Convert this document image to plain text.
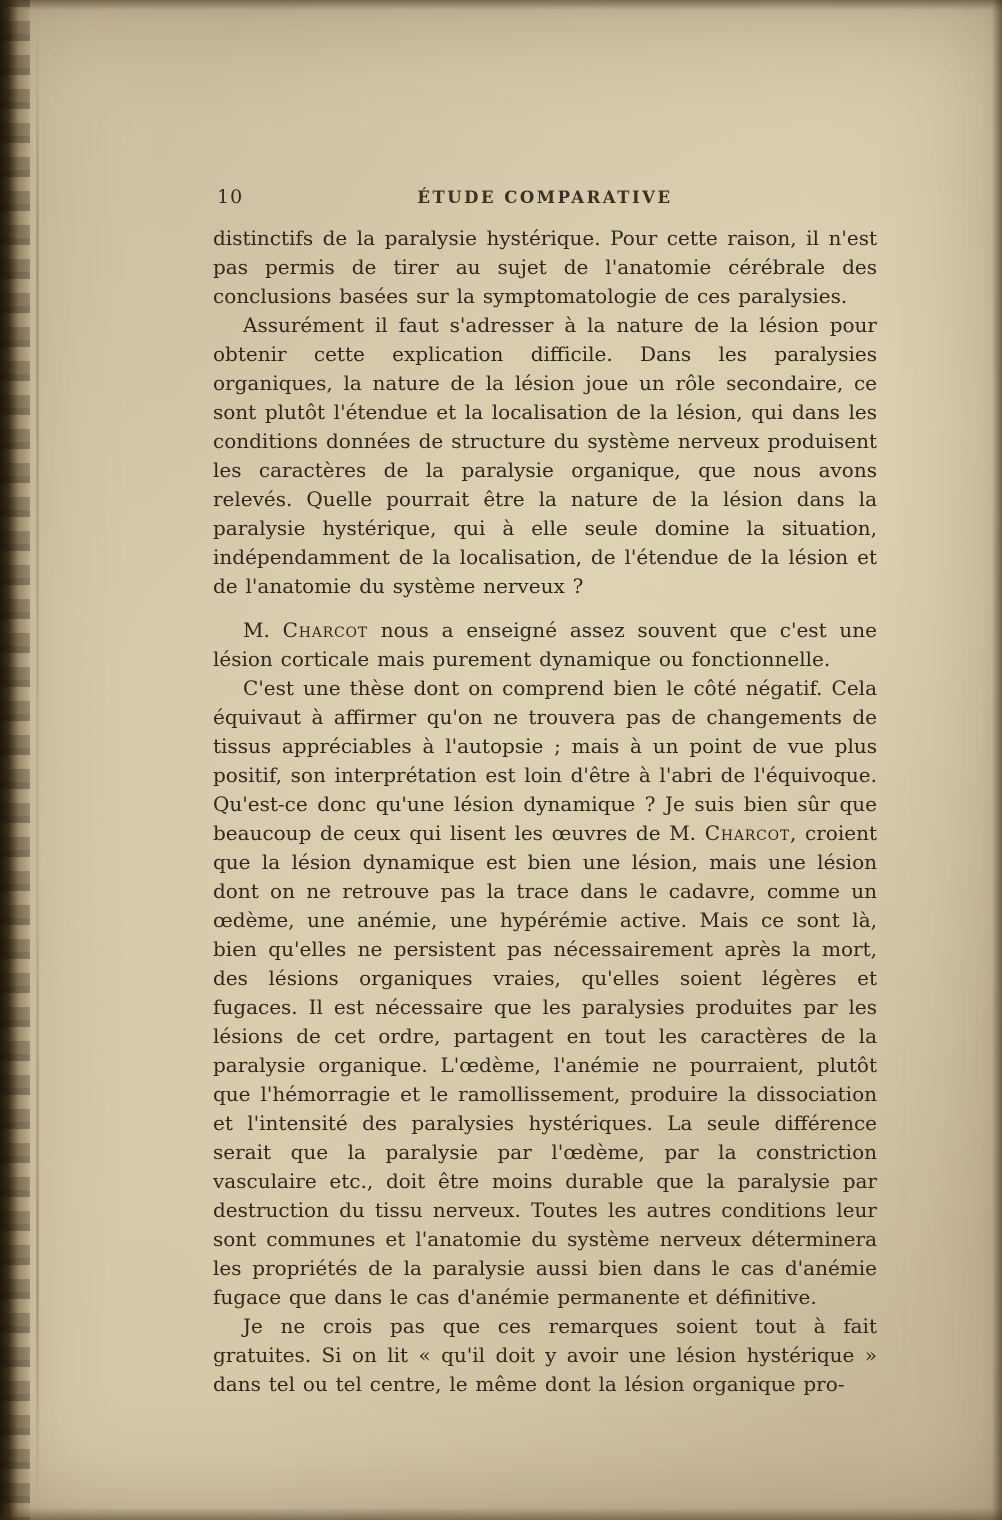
10	ÉTUDE COMPARATIVE

distinctifs de la paralysie hystérique. Pour cette raison, il n'est pas permis de tirer au sujet de l'anatomie cérébrale des conclusions basées sur la symptomatologie de ces paralysies.

Assurément il faut s'adresser à la nature de la lésion pour obtenir cette explication difficile. Dans les paralysies organiques, la nature de la lésion joue un rôle secondaire, ce sont plutôt l'étendue et la localisation de la lésion, qui dans les conditions données de structure du système nerveux produisent les caractères de la paralysie organique, que nous avons relevés. Quelle pourrait être la nature de la lésion dans la paralysie hystérique, qui à elle seule domine la situation, indépendamment de la localisation, de l'étendue de la lésion et de l'anatomie du système nerveux ?

M. Charcot nous a enseigné assez souvent que c'est une lésion corticale mais purement dynamique ou fonctionnelle.

C'est une thèse dont on comprend bien le côté négatif. Cela équivaut à affirmer qu'on ne trouvera pas de changements de tissus appréciables à l'autopsie ; mais à un point de vue plus positif, son interprétation est loin d'être à l'abri de l'équivoque. Qu'est-ce donc qu'une lésion dynamique ? Je suis bien sûr que beaucoup de ceux qui lisent les œuvres de M. Charcot, croient que la lésion dynamique est bien une lésion, mais une lésion dont on ne retrouve pas la trace dans le cadavre, comme un œdème, une anémie, une hypérémie active. Mais ce sont là, bien qu'elles ne persistent pas nécessairement après la mort, des lésions organiques vraies, qu'elles soient légères et fugaces. Il est nécessaire que les paralysies produites par les lésions de cet ordre, partagent en tout les caractères de la paralysie organique. L'œdème, l'anémie ne pourraient, plutôt que l'hémorragie et le ramollissement, produire la dissociation et l'intensité des paralysies hystériques. La seule différence serait que la paralysie par l'œdème, par la constriction vasculaire etc., doit être moins durable que la paralysie par destruction du tissu nerveux. Toutes les autres conditions leur sont communes et l'anatomie du système nerveux déterminera les propriétés de la paralysie aussi bien dans le cas d'anémie fugace que dans le cas d'anémie permanente et définitive.

Je ne crois pas que ces remarques soient tout à fait gratuites. Si on lit « qu'il doit y avoir une lésion hystérique » dans tel ou tel centre, le même dont la lésion organique pro-
